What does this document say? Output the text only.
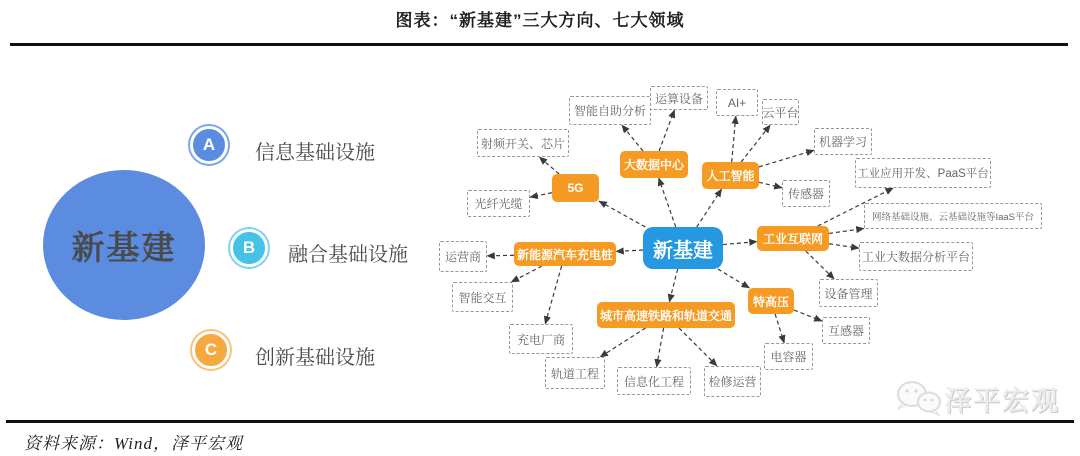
图表：“新基建”三大方向、七大领域
新基建
A 信息基础设施
B 融合基础设施
C 创新基础设施
新基建
5G
大数据中心
人工智能
工业互联网
特高压
城市高速铁路和轨道交通
新能源汽车充电桩
射频开关、芯片
光纤光缆
智能自助分析
运算设备	AI+
云平台
机器学习
传感器
工业应用开发、PaaS平台
网络基础设施、云基础设施等IaaS平台
工业大数据分析平台
设备管理
互感器
电容器
轨道工程
信息化工程	检修运营
运营商
智能交互
充电厂商
泽平宏观
资料来源：Wind，泽平宏观
